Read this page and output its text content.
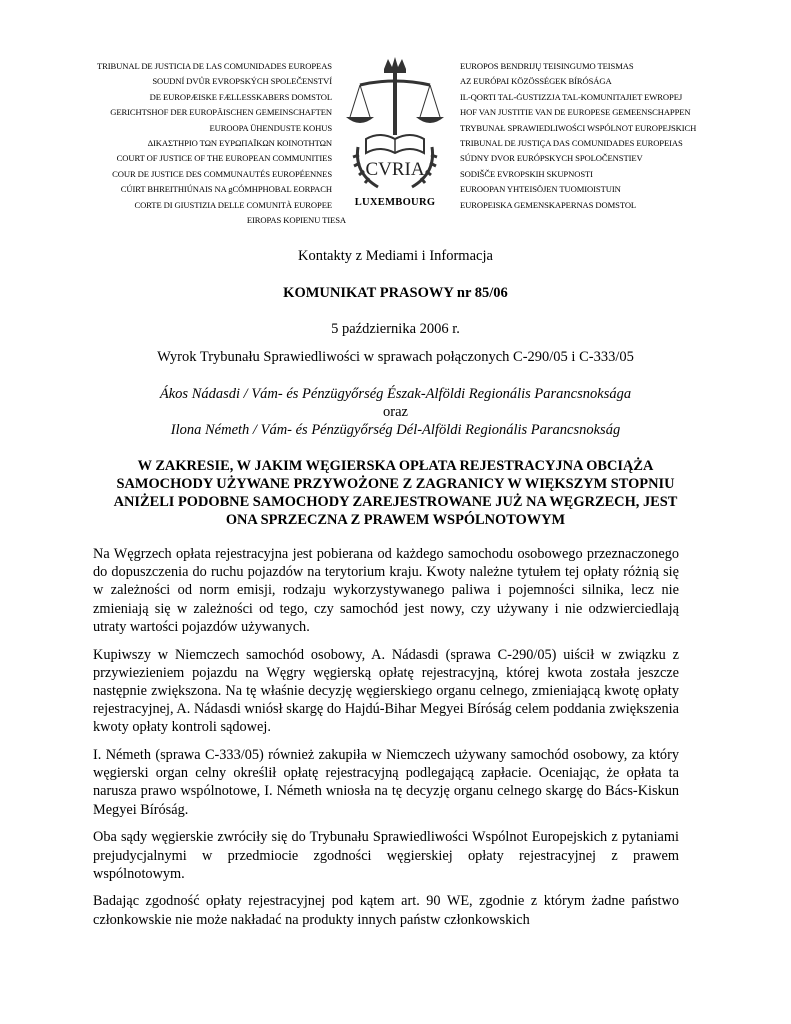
TRIBUNAL DE JUSTICIA DE LAS COMUNIDADES EUROPEAS
SOUDNÍ DVŮR EVROPSKÝCH SPOLEČENSTVÍ
DE EUROPÆISKE FÆLLESSKABERS DOMSTOL
GERICHTSHOF DER EUROPÄISCHEN GEMEINSCHAFTEN
EUROOPA ÜHENDUSTE KOHUS
ΔΙΚΑΣΤΗΡΙΟ ΤΩΝ ΕΥΡΩΠΑΪΚΩΝ ΚΟΙΝΟΤΗΤΩΝ
COURT OF JUSTICE OF THE EUROPEAN COMMUNITIES
COUR DE JUSTICE DES COMMUNAUTÉS EUROPÉENNES
CÚIRT BHREITHIÚNAIS NA gCÓMHPHOBAL EORPACH
CORTE DI GIUSTIZIA DELLE COMUNITÀ EUROPEE
EIROPAS KOPIENU TIESA
CVRIA
LUXEMBOURG
EUROPOS BENDRIJŲ TEISINGUMO TEISMAS
AZ EURÓPAI KÖZÖSSÉGEK BÍRÓSÁGA
IL-QORTI TAL-ĠUSTIZZJA TAL-KOMUNITAJIET EWROPEJ
HOF VAN JUSTITIE VAN DE EUROPESE GEMEENSCHAPPEN
TRYBUNAŁ SPRAWIEDLIWOŚCI WSPÓLNOT EUROPEJSKICH
TRIBUNAL DE JUSTIÇA DAS COMUNIDADES EUROPEIAS
SÚDNY DVOR EURÓPSKYCH SPOLOČENSTIEV
SODIŠČE EVROPSKIH SKUPNOSTI
EUROOPAN YHTEISÖJEN TUOMIOISTUIN
EUROPEISKA GEMENSKAPERNAS DOMSTOL
Kontakty z Mediami i Informacja
KOMUNIKAT PRASOWY nr 85/06
5 października 2006 r.
Wyrok Trybunału Sprawiedliwości w sprawach połączonych C-290/05 i C-333/05
Ákos Nádasdi / Vám- és Pénzügyőrség Észak-Alföldi Regionális Parancsnoksága
oraz
Ilona Németh / Vám- és Pénzügyőrség Dél-Alföldi Regionális Parancsnokság
W ZAKRESIE, W JAKIM WĘGIERSKA OPŁATA REJESTRACYJNA OBCIĄŻA SAMOCHODY UŻYWANE PRZYWOŻONE Z ZAGRANICY W WIĘKSZYM STOPNIU ANIŻELI PODOBNE SAMOCHODY ZAREJESTROWANE JUŻ NA WĘGRZECH, JEST ONA SPRZECZNA Z PRAWEM WSPÓLNOTOWYM

Na Węgrzech opłata rejestracyjna jest pobierana od każdego samochodu osobowego przeznaczonego do dopuszczenia do ruchu pojazdów na terytorium kraju. Kwoty należne tytułem tej opłaty różnią się w zależności od norm emisji, rodzaju wykorzystywanego paliwa i pojemności silnika, lecz nie zmieniają się w zależności od tego, czy samochód jest nowy, czy używany i nie odzwierciedlają utraty wartości pojazdów używanych.

Kupiwszy w Niemczech samochód osobowy, A. Nádasdi (sprawa C-290/05) uiścił w związku z przywiezieniem pojazdu na Węgry węgierską opłatę rejestracyjną, której kwota została jeszcze następnie zwiększona. Na tę właśnie decyzję węgierskiego organu celnego, zmieniającą kwotę opłaty rejestracyjnej, A. Nádasdi wniósł skargę do Hajdú-Bihar Megyei Bíróság celem poddania zwiększenia kwoty opłaty kontroli sądowej.

I. Németh (sprawa C-333/05) również zakupiła w Niemczech używany samochód osobowy, za który węgierski organ celny określił opłatę rejestracyjną podlegającą zapłacie. Oceniając, że opłata ta narusza prawo wspólnotowe, I. Németh wniosła na tę decyzję organu celnego skargę do Bács-Kiskun Megyei Bíróság.

Oba sądy węgierskie zwróciły się do Trybunału Sprawiedliwości Wspólnot Europejskich z pytaniami prejudycjalnymi w przedmiocie zgodności węgierskiej opłaty rejestracyjnej z prawem wspólnotowym.

Badając zgodność opłaty rejestracyjnej pod kątem art. 90 WE, zgodnie z którym żadne państwo członkowskie nie może nakładać na produkty innych państw członkowskich
